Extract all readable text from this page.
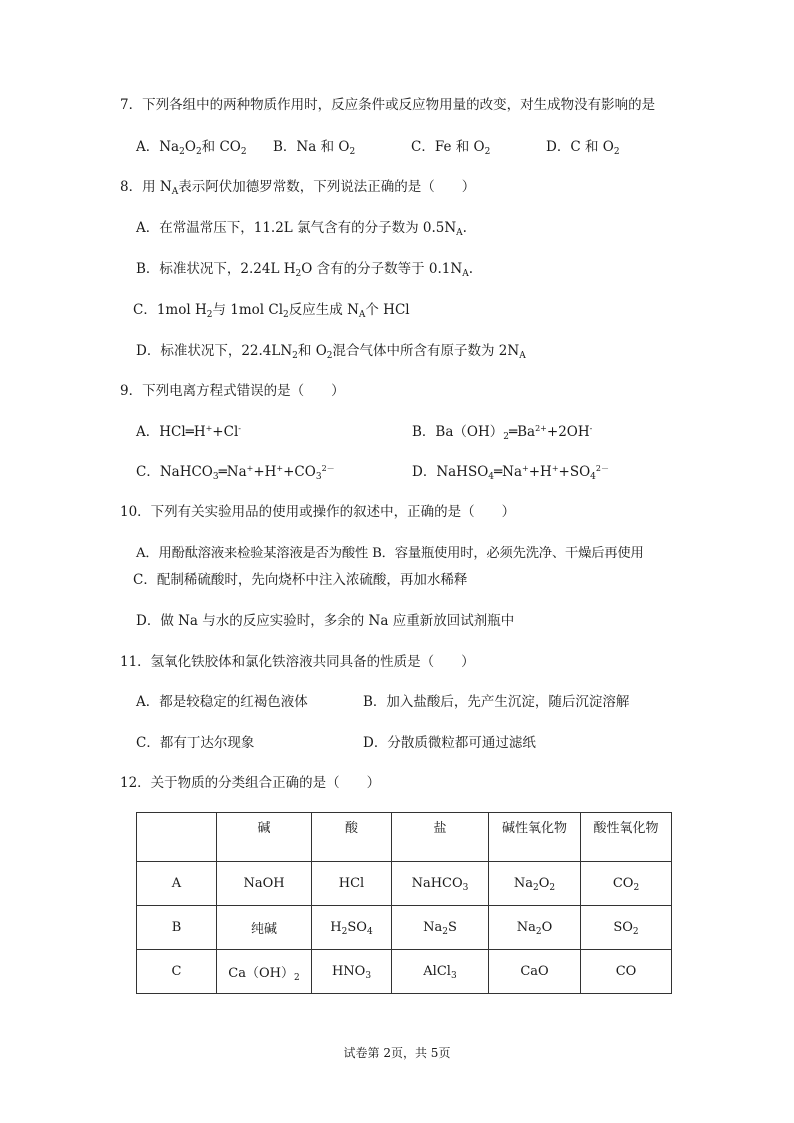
7．下列各组中的两种物质作用时，反应条件或反应物用量的改变，对生成物没有影响的是
A．$Na_2O_2$和 $CO_2$ B．Na 和 $O_2$	C．Fe 和 $O_2$	D．C 和 $O_2$
8．用 $N_A$表示阿伏加德罗常数，下列说法正确的是（　　）
A．在常温常压下，11.2L 氯气含有的分子数为 $0.5N_A$.
B．标准状况下，2.24L $H_2O$ 含有的分子数等于 $0.1N_A$.
C．1mol $H_2$与 1mol $Cl_2$反应生成 $N_A$个 HCl
D．标准状况下，$22.4LN_2$和 $O_2$混合气体中所含有原子数为 $2N_A$
9．下列电离方程式错误的是（　　）
A．HCl═H++Cl-	B．$Ba(OH)_2═Ba^{2+}+2OH^-$
C．$NaHCO_3═Na^++H^++CO_3^{2-}$	D．$NaHSO_4═Na^++H^++SO_4^{2-}$
10．下列有关实验用品的使用或操作的叙述中，正确的是（　　）
A．用酚酞溶液来检验某溶液是否为酸性 B．容量瓶使用时，必须先洗净、干燥后再使用
C．配制稀硫酸时，先向烧杯中注入浓硫酸，再加水稀释
D．做 Na 与水的反应实验时，多余的 Na 应重新放回试剂瓶中
11．氢氧化铁胶体和氯化铁溶液共同具备的性质是（　　）
A．都是较稳定的红褐色液体	B．加入盐酸后，先产生沉淀，随后沉淀溶解
C．都有丁达尔现象	D．分散质微粒都可通过滤纸
12．关于物质的分类组合正确的是（　　）
	碱	酸	盐	碱性氧化物	酸性氧化物
A	NaOH	HCl	NaHCO$_3$	$Na_2O_2$	$CO_2$
B	纯碱	$H_2SO_4$	$Na_2S$	$Na_2O$	$SO_2$
C	$Ca(OH)_2$	$HNO_3$	AlCl$_3$	CaO	CO
试卷第 2页，共 5页
